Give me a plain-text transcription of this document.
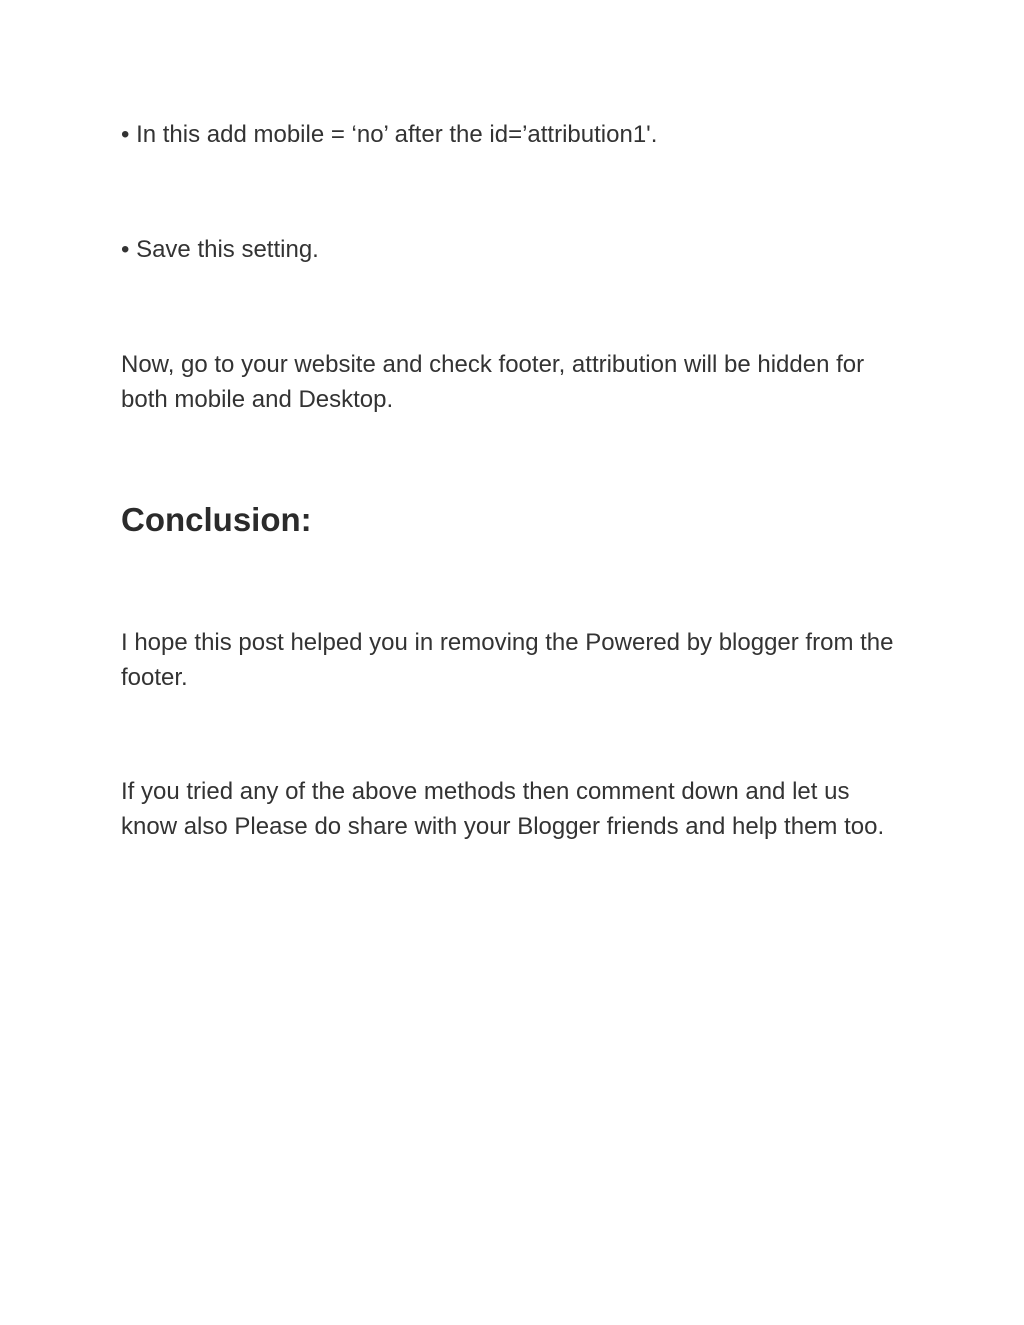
• In this add mobile = ‘no’ after the id=’attribution1'.

• Save this setting.

Now, go to your website and check footer, attribution will be hidden for both mobile and Desktop.

Conclusion:

I hope this post helped you in removing the Powered by blogger from the footer.

If you tried any of the above methods then comment down and let us know also Please do share with your Blogger friends and help them too.
